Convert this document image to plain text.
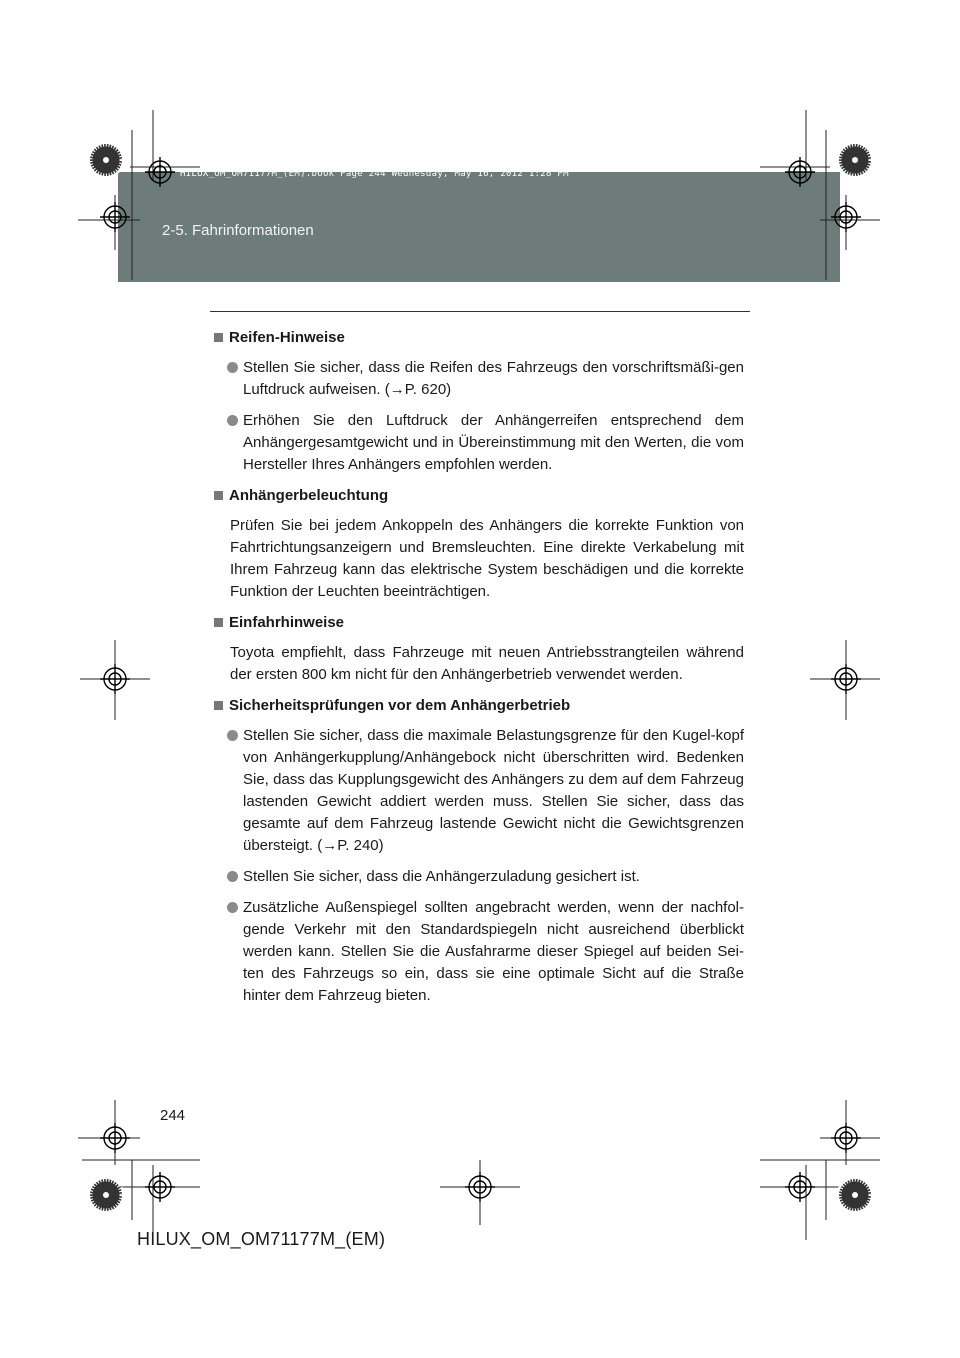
2-5. Fahrinformationen
HILUX_OM_OM71177M_(EM).book Page 244 Wednesday, May 16, 2012 1:28 PM
Reifen-Hinweise
Stellen Sie sicher, dass die Reifen des Fahrzeugs den vorschriftsmäßi-gen Luftdruck aufweisen. (→P. 620)
Erhöhen Sie den Luftdruck der Anhängerreifen entsprechend dem Anhängergesamtgewicht und in Übereinstimmung mit den Werten, die vom Hersteller Ihres Anhängers empfohlen werden.
Anhängerbeleuchtung
Prüfen Sie bei jedem Ankoppeln des Anhängers die korrekte Funktion von Fahrtrichtungsanzeigern und Bremsleuchten. Eine direkte Verkabelung mit Ihrem Fahrzeug kann das elektrische System beschädigen und die korrekte Funktion der Leuchten beeinträchtigen.
Einfahrhinweise
Toyota empfiehlt, dass Fahrzeuge mit neuen Antriebsstrangteilen während der ersten 800 km nicht für den Anhängerbetrieb verwendet werden.
Sicherheitsprüfungen vor dem Anhängerbetrieb
Stellen Sie sicher, dass die maximale Belastungsgrenze für den Kugel-kopf von Anhängerkupplung/Anhängebock nicht überschritten wird. Bedenken Sie, dass das Kupplungsgewicht des Anhängers zu dem auf dem Fahrzeug lastenden Gewicht addiert werden muss. Stellen Sie sicher, dass das gesamte auf dem Fahrzeug lastende Gewicht nicht die Gewichtsgrenzen übersteigt. (→P. 240)
Stellen Sie sicher, dass die Anhängerzuladung gesichert ist.
Zusätzliche Außenspiegel sollten angebracht werden, wenn der nachfol-gende Verkehr mit den Standardspiegeln nicht ausreichend überblickt werden kann. Stellen Sie die Ausfahrarme dieser Spiegel auf beiden Sei-ten des Fahrzeugs so ein, dass sie eine optimale Sicht auf die Straße hinter dem Fahrzeug bieten.
244
HILUX_OM_OM71177M_(EM)
